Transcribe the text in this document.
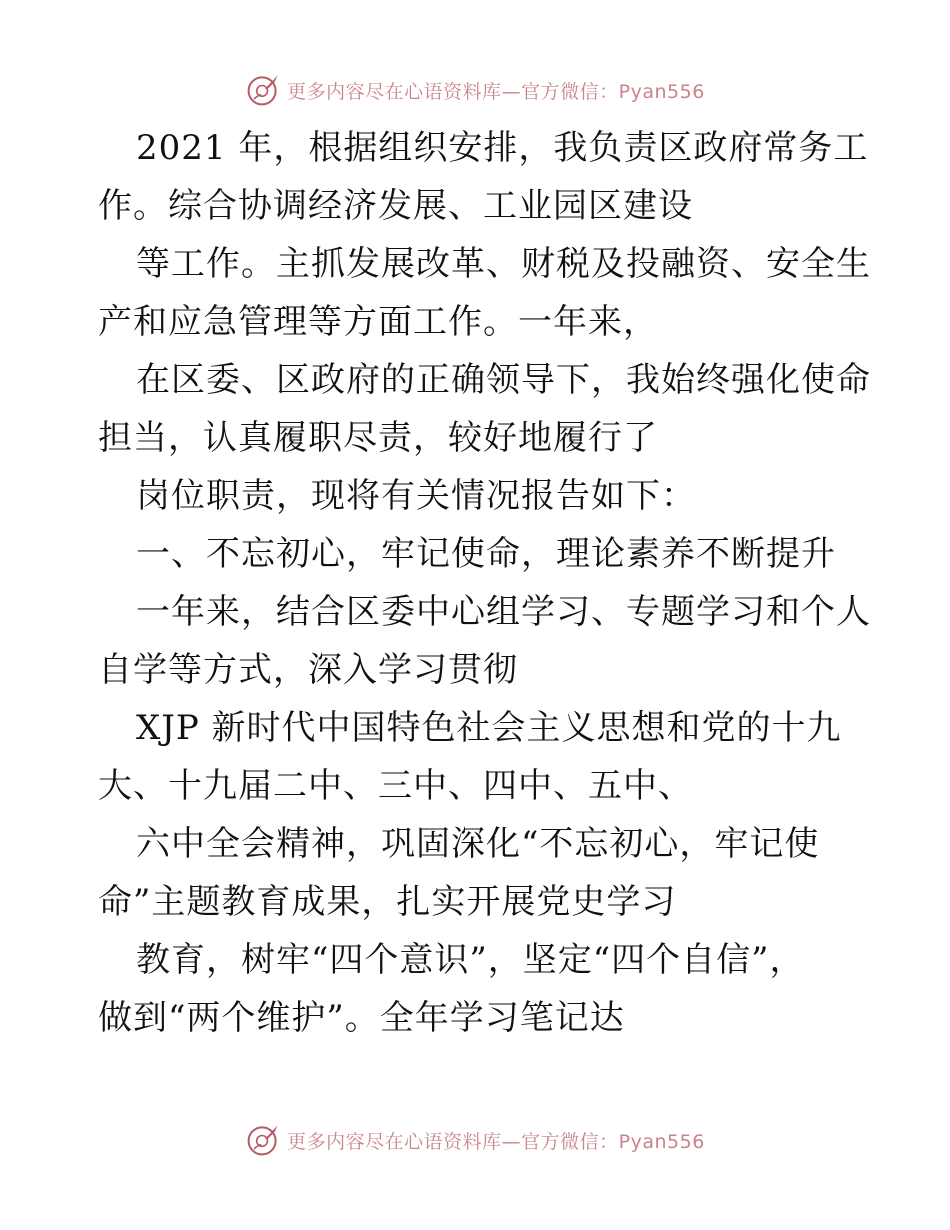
更多内容尽在心语资料库—官方微信：Pyan556
2021 年，根据组织安排，我负责区政府常务工
作。综合协调经济发展、工业园区建设
等工作。主抓发展改革、财税及投融资、安全生
产和应急管理等方面工作。一年来，
在区委、区政府的正确领导下，我始终强化使命
担当，认真履职尽责，较好地履行了
岗位职责，现将有关情况报告如下：
一、不忘初心，牢记使命，理论素养不断提升
一年来，结合区委中心组学习、专题学习和个人
自学等方式，深入学习贯彻
XJP 新时代中国特色社会主义思想和党的十九
大、十九届二中、三中、四中、五中、
六中全会精神，巩固深化“不忘初心，牢记使
命”主题教育成果，扎实开展党史学习
教育，树牢“四个意识”，坚定“四个自信”，
做到“两个维护”。全年学习笔记达
更多内容尽在心语资料库—官方微信：Pyan556
